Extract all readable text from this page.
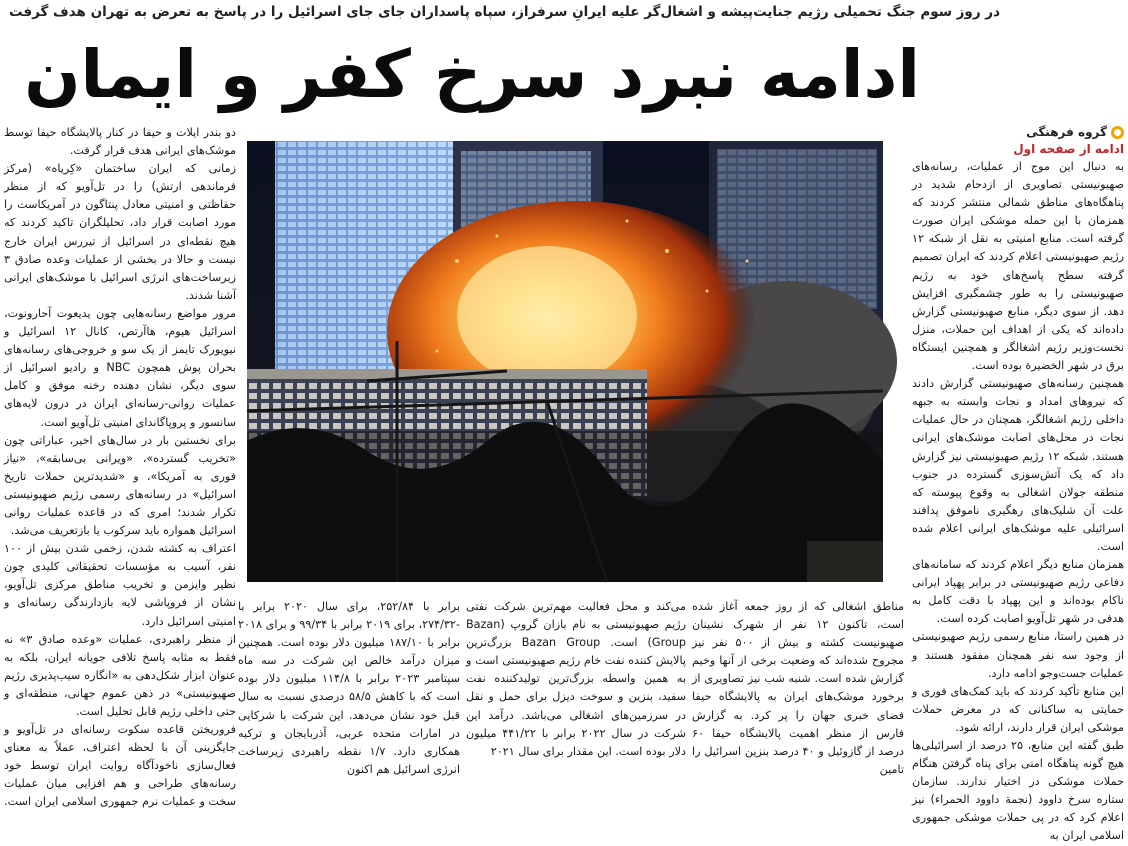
در روز سوم جنگ تحمیلی رژیم جنایت‌پیشه و اشغال‌گر علیه ایرانِ سرفراز، سپاه پاسداران جای جای اسرائیل را در پاسخ به تعرض به تهران هدف گرفت
ادامه نبرد سرخ کفر و ایمان
گروه فرهنگی
ادامه از صفحه اول

به دنبال این موج از عملیات، رسانه‌های صهیونیستی تصاویری از ازدحام شدید در پناهگاه‌های مناطق شمالی منتشر کردند که همزمان با این حمله موشکی ایران صورت گرفته است. منابع امنیتی به نقل از شبکه ۱۲ رژیم صهیونیستی اعلام کردند که ایران تصمیم گرفته سطح پاسخ‌های خود به رژیم صهیونیستی را به طور چشمگیری افزایش دهد. از سوی دیگر، منابع صهیونیستی گزارش داده‌اند که یکی از اهداف این حملات، منزل نخست‌وزیر رژیم اشغالگر و همچنین ایستگاه برق در شهر الخضیرة بوده است.

همچنین رسانه‌های صهیونیستی گزارش دادند که نیروهای امداد و نجات وابسته به جبهه داخلی رژیم اشغالگر، همچنان در حال عملیات نجات در محل‌های اصابت موشک‌های ایرانی هستند. شبکه ۱۲ رژیم صهیونیستی نیز گزارش داد که یک آتش‌سوزی گسترده در جنوب منطقه جولان اشغالی به وقوع پیوسته که علت آن شلیک‌های رهگیری ناموفق پدافند اسرائیلی علیه موشک‌های ایرانی اعلام شده است.

همزمان منابع دیگر اعلام کردند که سامانه‌های دفاعی رژیم صهیونیستی در برابر پهپاد ایرانی ناکام بوده‌اند و این پهپاد با دقت کامل به هدفی در شهر تل‌آویو اصابت کرده است.

در همین راستا، منابع رسمی رژیم صهیونیستی از وجود سه نفر همچنان مفقود هستند و عملیات جست‌وجو ادامه دارد.

این منابع تأکید کردند که باید کمک‌های فوری و حمایتی به ساکنانی که در معرض حملات موشکی ایران قرار دارند، ارائه شود.

طبق گفته این منابع، ۲۵ درصد از اسرائیلی‌ها هیچ گونه پناهگاه امنی برای پناه گرفتن هنگام حملات موشکی در اختیار ندارند. سازمان ستاره سرخ داوود (نجمة داوود الحمراء) نیز اعلام کرد که در پی حملات موشکی جمهوری اسلامی ایران به

دو بندر ایلات و حیفا در کنار پالایشگاه حیفا توسط موشک‌های ایرانی هدف قرار گرفت.

زمانی که ایران ساختمان «کِریاه» (مرکز فرماندهی ارتش) را در تل‌آویو که از منظر حفاظتی و امنیتی معادل پنتاگون در آمریکاست را مورد اصابت قرار داد، تحلیلگران تاکید کردند که هیچ نقطه‌ای در اسرائیل از تیررس ایران خارج نیست و حالا در بخشی از عملیات وعده صادق ۳ زیرساخت‌های انرژی اسرائیل با موشک‌های ایرانی آشنا شدند.

مرور مواضع رسانه‌هایی چون یدیعوت آحارونوت، اسرائیل هیوم، هاآرتص، کانال ۱۲ اسرائیل و نیویورک تایمز از یک سو و خروجی‌های رسانه‌های بحران پوش همچون NBC و رادیو اسرائیل از سوی دیگر، نشان دهنده رخنه موفق و کامل عملیات روانی-رسانه‌ای ایران در درون لایه‌های سانسور و پروپاگاندای امنیتی تل‌آویو است.

برای نخستین بار در سال‌های اخیر، عباراتی چون «تخریب گسترده»، «ویرانی بی‌سابقه»، «نیاز فوری به آمریکا»، و «شدیدترین حملات تاریخ اسرائیل» در رسانه‌های رسمی رژیم صهیونیستی تکرار شدند؛ امری که در قاعده عملیات روانی اسرائیل همواره باید سرکوب یا بازتعریف می‌شد.

اعتراف به کشته شدن، زخمی شدن بیش از ۱۰۰ نفر، آسیب به مؤسسات تحقیقاتی کلیدی چون نظیر وایزمن و تخریب مناطق مرکزی تل‌آویو، نشان از فروپاشی لایه بازدارندگی رسانه‌ای و امنیتی اسرائیل دارد.

از منظر راهبردی، عملیات «وعده صادق ۳» نه فقط به مثابه پاسخ تلافی جویانه ایران، بلکه به عنوان ابزار شکل‌دهی به «انگاره سیب‌پذیری رژیم صهیونیستی» در ذهن عموم جهانی، منطقه‌ای و حتی داخلی رژیم قابل تحلیل است.

فروریختن قاعده سکوت رسانه‌ای در تل‌آویو و جایگزینی آن با لحظه اعتراف، عملاً به معنای فعال‌سازی ناخودآگاه روایت ایران توسط خود رسانه‌های طراحی و هم افزایی میان عملیات سخت و عملیات نرم جمهوری اسلامی ایران است.

مناطق اشغالی که از روز جمعه آغاز شده است، تاکنون ۱۲ نفر از شهرک نشینان صهیونیست کشته و بیش از ۵۰۰ نفر نیز مجروح شده‌اند که وضعیت برخی از آنها وخیم گزارش شده است. شنبه شب نیز تصاویری از برخورد موشک‌های ایران به پالایشگاه حیفا فضای خبری جهان را پر کرد. به گزارش فارس از منظر اهمیت پالایشگاه حیفا ۶۰ درصد از گازوئیل و ۴۰ درصد بنزین اسرائیل را تامین

می‌کند و محل فعالیت مهم‌ترین شرکت نفتی رژیم صهیونیستی به نام بازان گروپ (Bazan Group) است. Bazan Group بزرگ‌ترین پالایش کننده نفت خام رژیم صهیونیستی است و به همین واسطه بزرگ‌ترین تولیدکننده نفت سفید، بنزین و سوخت دیزل برای حمل و نقل در سرزمین‌های اشغالی می‌باشد. درآمد این شرکت در سال ۲۰۲۲ برابر با ۴۴۱/۲۲ میلیون دلار بوده است. این مقدار برای سال ۲۰۲۱

برابر با ۲۵۲/۸۴، برای سال ۲۰۲۰ برابر با -۲۷۴/۳۲، برای ۲۰۱۹ برابر با ۹۹/۳۴ و برای ۲۰۱۸ برابر با ۱۸۷/۱۰ میلیون دلار بوده است. همچنین میزان درآمد خالص این شرکت در سه ماه سپتامبر ۲۰۲۳ برابر با ۱۱۴/۸ میلیون دلار بوده است که با کاهش ۵۸/۵ درصدی نسبت به سال قبل خود نشان می‌دهد. این شرکت با شرکایی در امارات متحده عربی، آذربایجان و ترکیه همکاری دارد. ۱/۷ نقطه راهبردی زیرساخت انرژی اسرائیل هم اکنون
